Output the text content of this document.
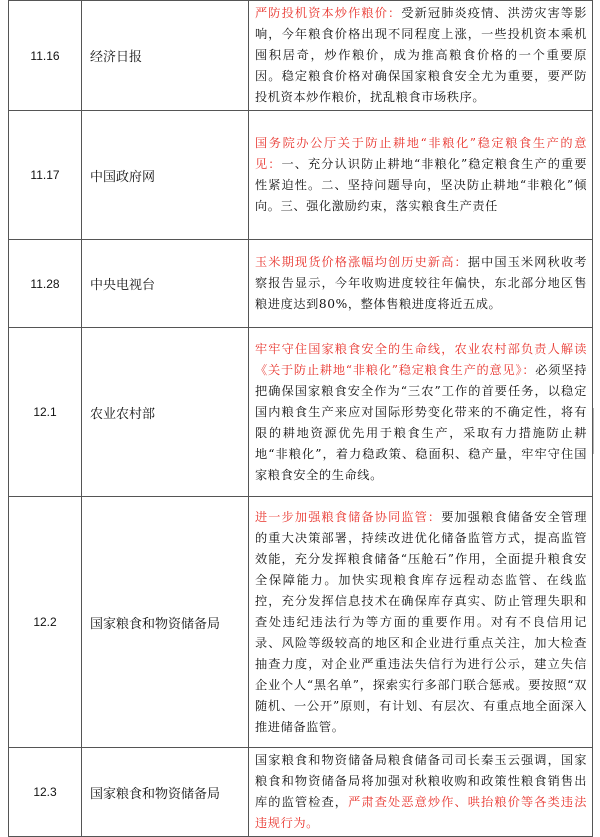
11.16	经济日报	严防投机资本炒作粮价：受新冠肺炎疫情、洪涝灾害等影响，今年粮食价格出现不同程度上涨，一些投机资本乘机囤积居奇，炒作粮价，成为推高粮食价格的一个重要原因。稳定粮食价格对确保国家粮食安全尤为重要，要严防投机资本炒作粮价，扰乱粮食市场秩序。
11.17	中国政府网	国务院办公厅关于防止耕地“非粮化”稳定粮食生产的意见：一、充分认识防止耕地“非粮化”稳定粮食生产的重要性紧迫性。二、坚持问题导向，坚决防止耕地“非粮化”倾向。三、强化激励约束，落实粮食生产责任
11.28	中央电视台	玉米期现货价格涨幅均创历史新高：据中国玉米网秋收考察报告显示，今年收购进度较往年偏快，东北部分地区售粮进度达到80%，整体售粮进度将近五成。
12.1	农业农村部	牢牢守住国家粮食安全的生命线，农业农村部负责人解读《关于防止耕地“非粮化”稳定粮食生产的意见》：必须坚持把确保国家粮食安全作为“三农”工作的首要任务，以稳定国内粮食生产来应对国际形势变化带来的不确定性，将有限的耕地资源优先用于粮食生产，采取有力措施防止耕地“非粮化”，着力稳政策、稳面积、稳产量，牢牢守住国家粮食安全的生命线。
12.2	国家粮食和物资储备局	进一步加强粮食储备协同监管：要加强粮食储备安全管理的重大决策部署，持续改进优化储备监管方式，提高监管效能，充分发挥粮食储备“压舱石”作用，全面提升粮食安全保障能力。加快实现粮食库存远程动态监管、在线监控，充分发挥信息技术在确保库存真实、防止管理失职和查处违纪违法行为等方面的重要作用。对有不良信用记录、风险等级较高的地区和企业进行重点关注，加大检查抽查力度，对企业严重违法失信行为进行公示，建立失信企业个人“黑名单”，探索实行多部门联合惩戒。要按照“双随机、一公开”原则，有计划、有层次、有重点地全面深入推进储备监管。
12.3	国家粮食和物资储备局	国家粮食和物资储备局粮食储备司司长秦玉云强调，国家粮食和物资储备局将加强对秋粮收购和政策性粮食销售出库的监管检查，严肃查处恶意炒作、哄抬粮价等各类违法违规行为。
